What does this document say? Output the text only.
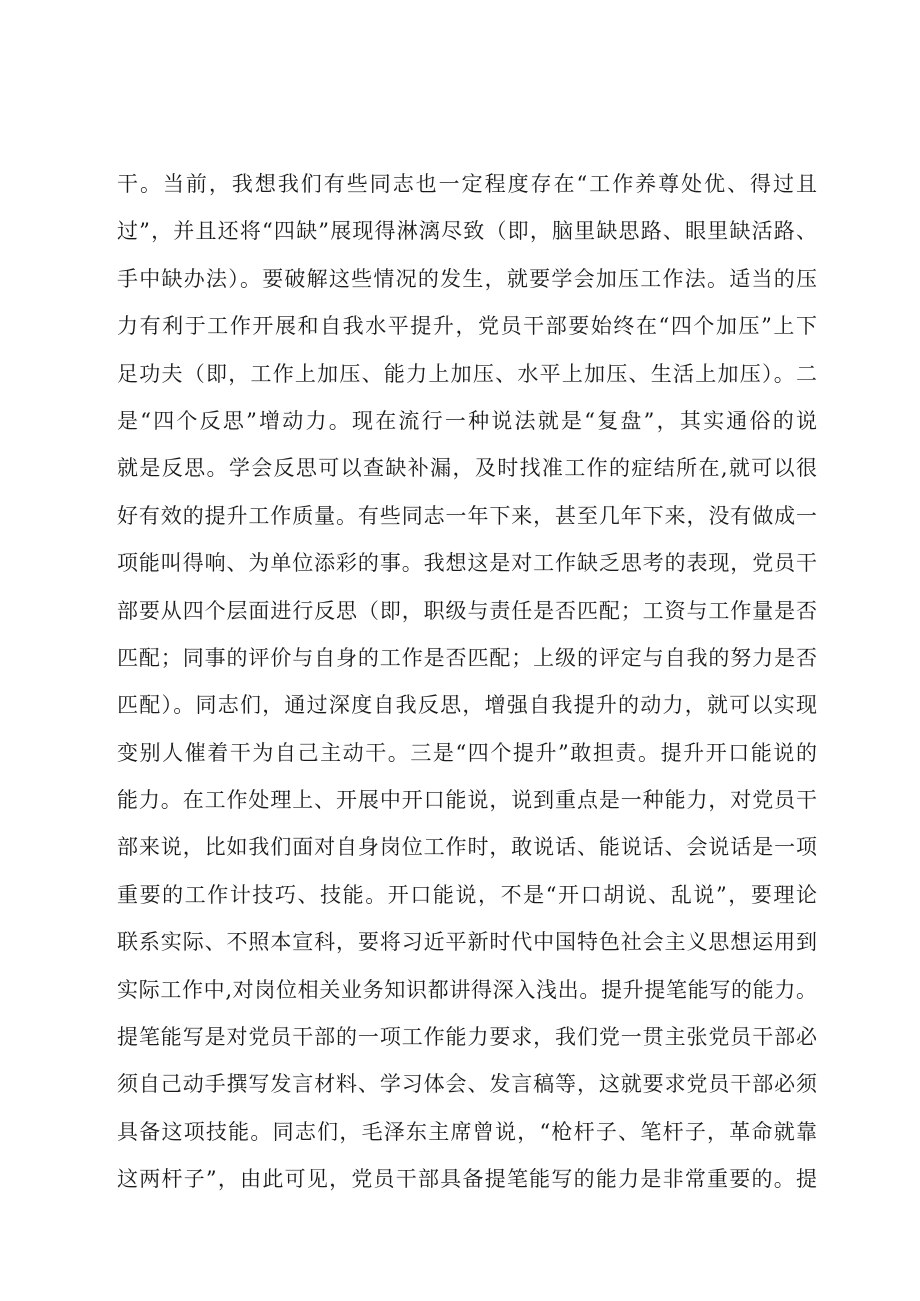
干。当前，我想我们有些同志也一定程度存在“工作养尊处优、得过且
过”，并且还将“四缺”展现得淋漓尽致（即，脑里缺思路、眼里缺活路、
手中缺办法）。要破解这些情况的发生，就要学会加压工作法。适当的压
力有利于工作开展和自我水平提升，党员干部要始终在“四个加压”上下
足功夫（即，工作上加压、能力上加压、水平上加压、生活上加压）。二
是“四个反思”增动力。现在流行一种说法就是“复盘”，其实通俗的说
就是反思。学会反思可以查缺补漏，及时找准工作的症结所在,就可以很
好有效的提升工作质量。有些同志一年下来，甚至几年下来，没有做成一
项能叫得响、为单位添彩的事。我想这是对工作缺乏思考的表现，党员干
部要从四个层面进行反思（即，职级与责任是否匹配；工资与工作量是否
匹配；同事的评价与自身的工作是否匹配；上级的评定与自我的努力是否
匹配）。同志们，通过深度自我反思，增强自我提升的动力，就可以实现
变别人催着干为自己主动干。三是“四个提升”敢担责。提升开口能说的
能力。在工作处理上、开展中开口能说，说到重点是一种能力，对党员干
部来说，比如我们面对自身岗位工作时，敢说话、能说话、会说话是一项
重要的工作计技巧、技能。开口能说，不是“开口胡说、乱说”，要理论
联系实际、不照本宣科，要将习近平新时代中国特色社会主义思想运用到
实际工作中,对岗位相关业务知识都讲得深入浅出。提升提笔能写的能力。
提笔能写是对党员干部的一项工作能力要求，我们党一贯主张党员干部必
须自己动手撰写发言材料、学习体会、发言稿等，这就要求党员干部必须
具备这项技能。同志们，毛泽东主席曾说，“枪杆子、笔杆子，革命就靠
这两杆子”，由此可见，党员干部具备提笔能写的能力是非常重要的。提
